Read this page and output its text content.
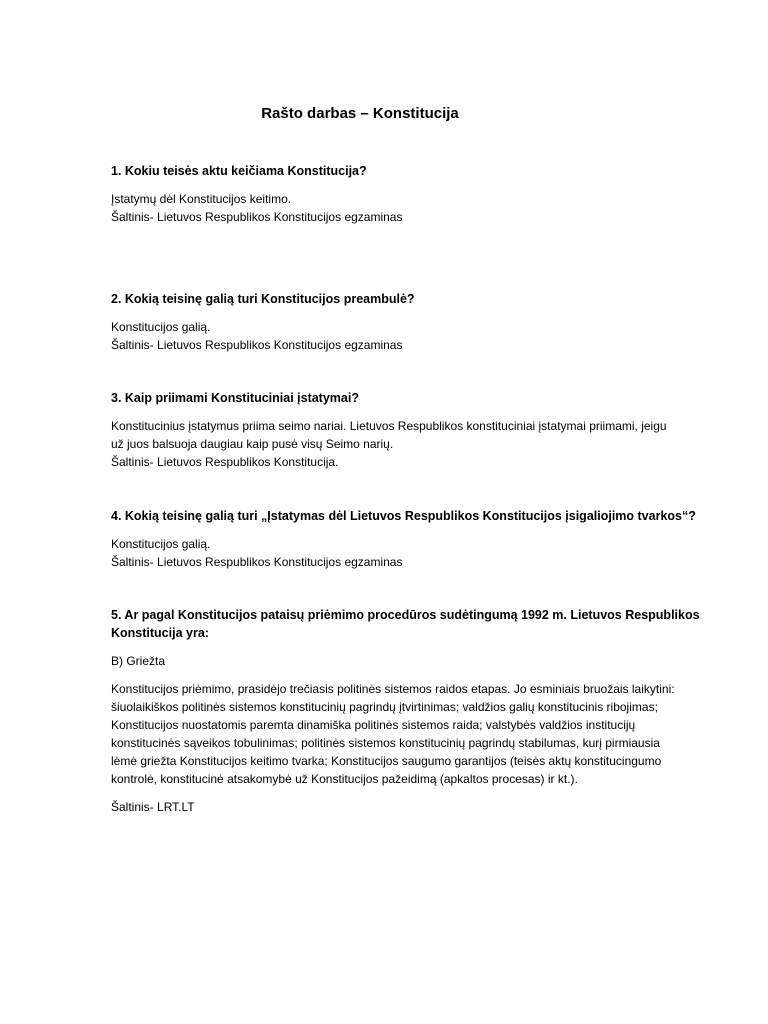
Rašto darbas – Konstitucija

1. Kokiu teisės aktu keičiama Konstitucija?

Įstatymų dėl Konstitucijos keitimo.

Šaltinis- Lietuvos Respublikos Konstitucijos egzaminas

2. Kokią teisinę galią turi Konstitucijos preambulė?

Konstitucijos galią.

Šaltinis- Lietuvos Respublikos Konstitucijos egzaminas

3. Kaip priimami Konstituciniai įstatymai?

Konstitucinius įstatymus priima seimo nariai. Lietuvos Respublikos konstituciniai įstatymai priimami, jeigu

už juos balsuoja daugiau kaip pusė visų Seimo narių.

Šaltinis- Lietuvos Respublikos Konstitucija.

4. Kokią teisinę galią turi „Įstatymas dėl Lietuvos Respublikos Konstitucijos įsigaliojimo tvarkos“?

Konstitucijos galią.

Šaltinis- Lietuvos Respublikos Konstitucijos egzaminas

5. Ar pagal Konstitucijos pataisų priėmimo procedūros sudėtingumą 1992 m. Lietuvos Respublikos

Konstitucija yra:

B) Griežta

Konstitucijos priėmimo, prasidėjo trečiasis politinės sistemos raidos etapas. Jo esminiais bruožais laikytini:

šiuolaikiškos politinės sistemos konstitucinių pagrindų įtvirtinimas; valdžios galių konstitucinis ribojimas;

Konstitucijos nuostatomis paremta dinamiška politinės sistemos raida; valstybės valdžios institucijų

konstitucinės sąveikos tobulinimas; politinės sistemos konstitucinių pagrindų stabilumas, kurį pirmiausia

lėmė griežta Konstitucijos keitimo tvarka; Konstitucijos saugumo garantijos (teisės aktų konstitucingumo

kontrolė, konstitucinė atsakomybė už Konstitucijos pažeidimą (apkaltos procesas) ir kt.).

Šaltinis- LRT.LT
